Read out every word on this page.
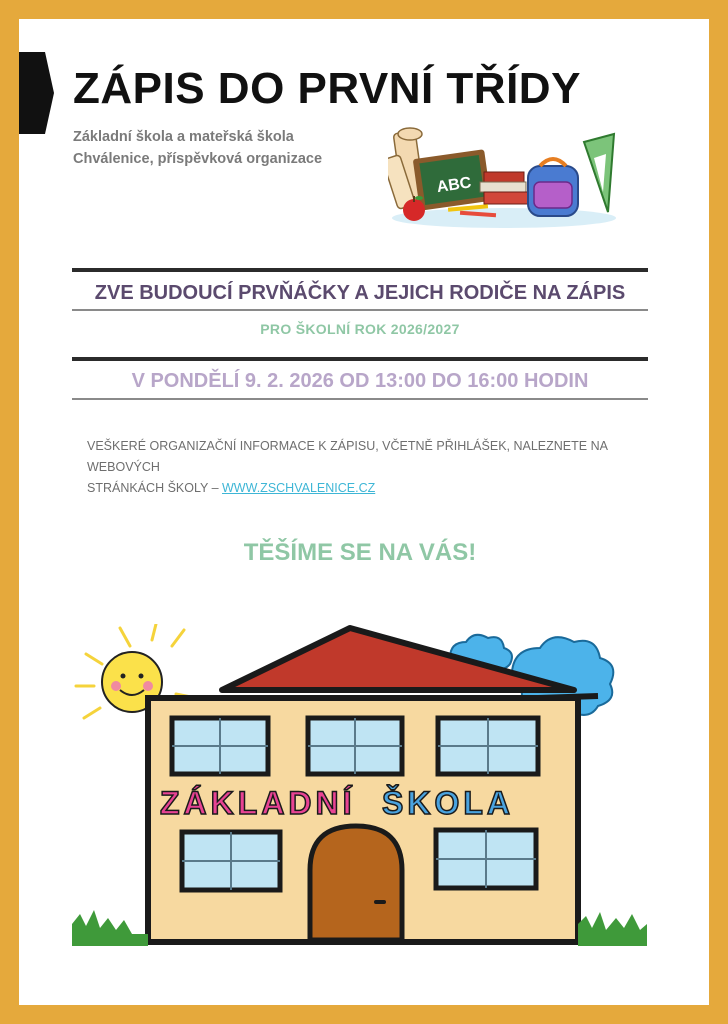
ZÁPIS DO PRVNÍ TŘÍDY
Základní škola a mateřská škola
Chválenice, příspěvková organizace
ABC
ZVE BUDOUCÍ PRVŇÁČKY A JEJICH RODIČE NA ZÁPIS
PRO ŠKOLNÍ ROK 2026/2027
V PONDĚLÍ 9. 2. 2026 OD 13:00 DO 16:00 HODIN
VEŠKERÉ ORGANIZAČNÍ INFORMACE K ZÁPISU, VČETNĚ PŘIHLÁŠEK, NALEZNETE NA WEBOVÝCH
STRÁNKÁCH ŠKOLY – WWW.ZSCHVALENICE.CZ
TĚŠÍME SE NA VÁS!
ZÁKLADNÍ ŠKOLA
